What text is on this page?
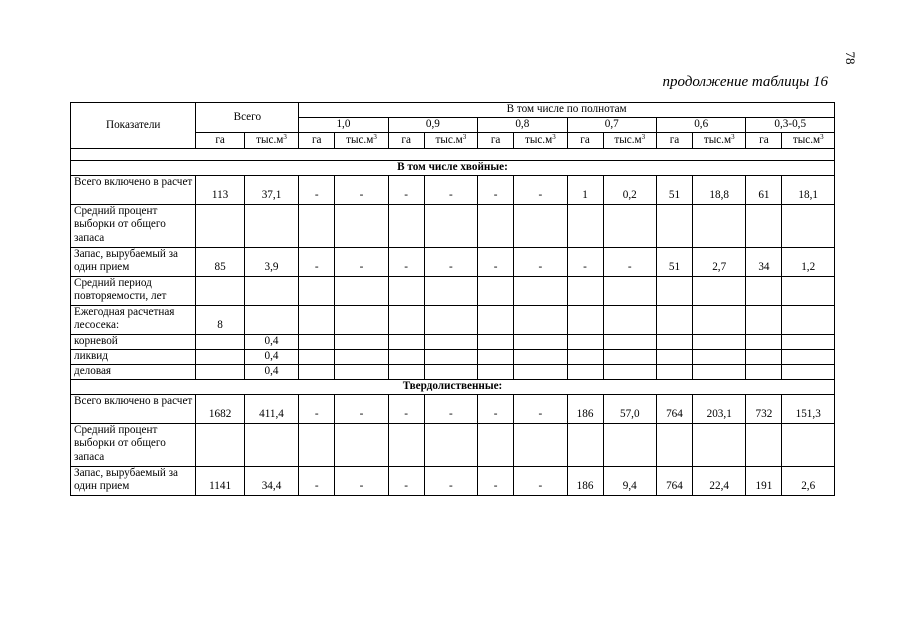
78
продолжение таблицы 16
Показатели	Всего		В том числе по полнотам											
			1,0		0,9		0,8		0,7		0,6		0,3-0,5	
	га	$тыс.м^3$	га	$тыс.м^3$	га	$тыс.м^3$	га	$тыс.м^3$	га	$тыс.м^3$	га	$тыс.м^3$	га	$тыс.м^3$

В том числе хвойные:														
Всего включено в расчет	113	37,1	-	-	-	-	-	-	1	0,2	51	18,8	61	18,1
Средний процент выборки от общего запаса														
Запас, вырубаемый за один прием	85	3,9	-	-	-	-	-	-	-	-	51	2,7	34	1,2
Средний период повторяемости, лет														
Ежегодная расчетная лесосека:	8													
корневой		0,4												
ликвид		0,4												
деловая		0,4												
Твердолиственные:														
Всего включено в расчет	1682	411,4	-	-	-	-	-	-	186	57,0	764	203,1	732	151,3
Средний процент выборки от общего запаса														
Запас, вырубаемый за один прием	1141	34,4	-	-	-	-	-	-	186	9,4	764	22,4	191	2,6
